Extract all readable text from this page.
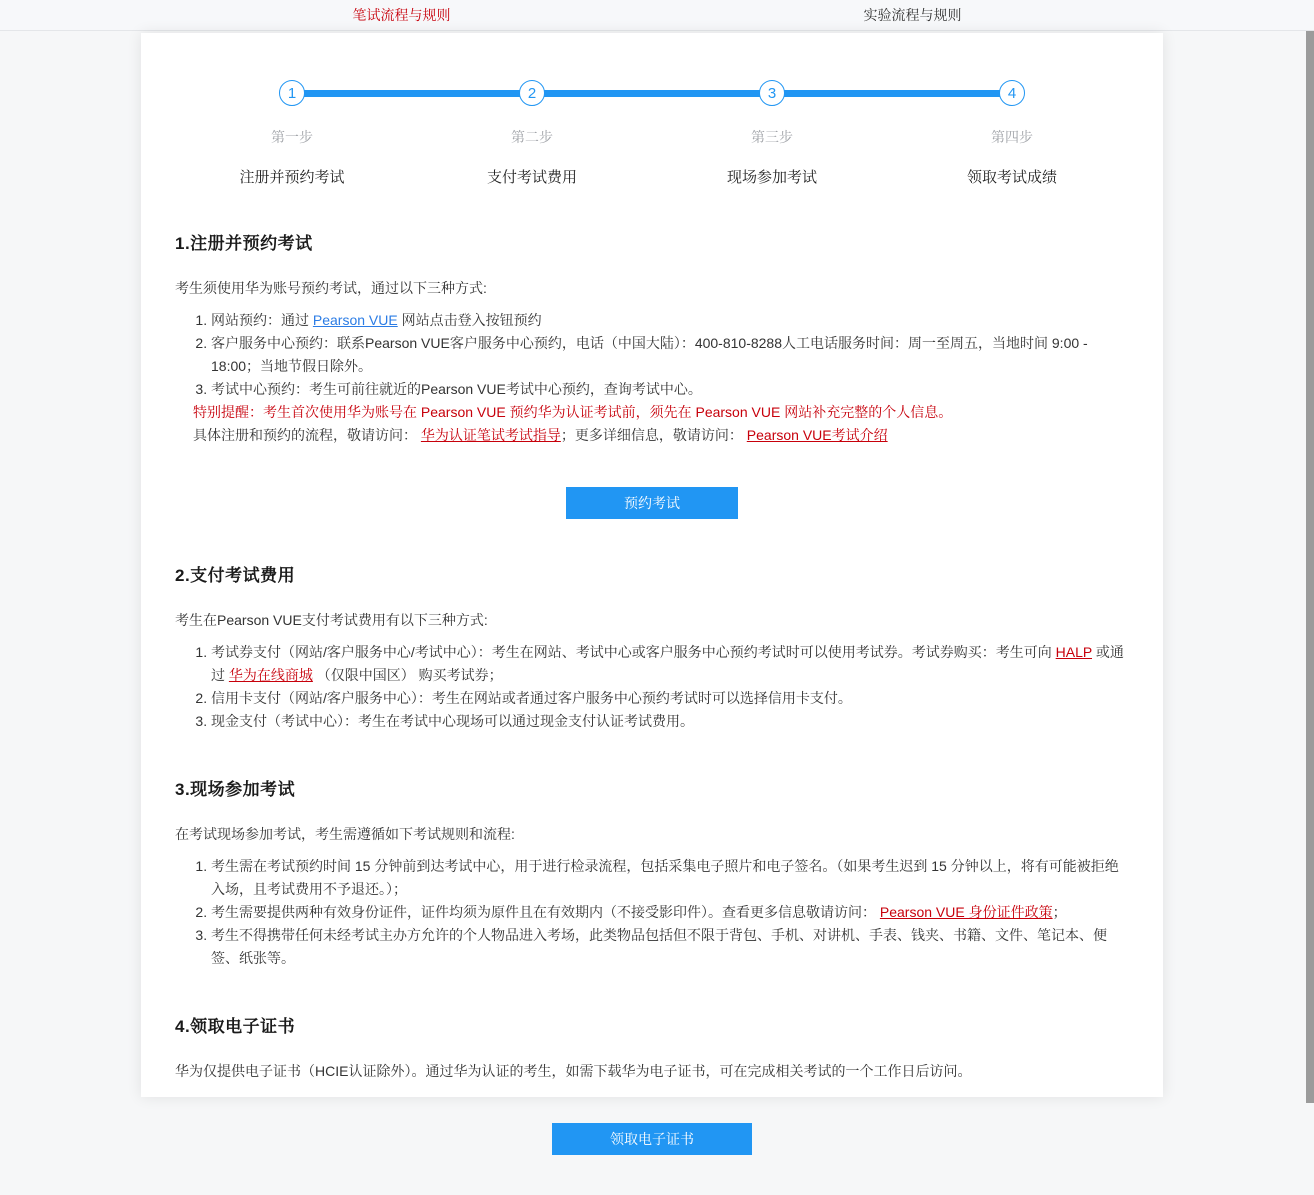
笔试流程与规则	实验流程与规则
1
第一步
注册并预约考试
2
第二步
支付考试费用
3
第三步
现场参加考试
4
第四步
领取考试成绩
1.注册并预约考试

考生须使用华为账号预约考试，通过以下三种方式:

1. 网站预约：通过 Pearson VUE 网站点击登入按钮预约
2. 客户服务中心预约：联系Pearson VUE客户服务中心预约，电话（中国大陆）：400-810-8288人工电话服务时间：周一至周五，当地时间 9:00 - 18:00；当地节假日除外。
3. 考试中心预约：考生可前往就近的Pearson VUE考试中心预约，查询考试中心。
特别提醒：考生首次使用华为账号在 Pearson VUE 预约华为认证考试前，须先在 Pearson VUE 网站补充完整的个人信息。
具体注册和预约的流程，敬请访问： 华为认证笔试考试指导；更多详细信息，敬请访问： Pearson VUE考试介绍
预约考试
2.支付考试费用

考生在Pearson VUE支付考试费用有以下三种方式:

1. 考试券支付（网站/客户服务中心/考试中心）：考生在网站、考试中心或客户服务中心预约考试时可以使用考试券。考试券购买：考生可向 HALP 或通过 华为在线商城 （仅限中国区） 购买考试券；
2. 信用卡支付（网站/客户服务中心）：考生在网站或者通过客户服务中心预约考试时可以选择信用卡支付。
3. 现金支付（考试中心）：考生在考试中心现场可以通过现金支付认证考试费用。
3.现场参加考试

在考试现场参加考试，考生需遵循如下考试规则和流程:

1. 考生需在考试预约时间 15 分钟前到达考试中心，用于进行检录流程，包括采集电子照片和电子签名。（如果考生迟到 15 分钟以上，将有可能被拒绝入场，且考试费用不予退还。）；
2. 考生需要提供两种有效身份证件，证件均须为原件且在有效期内（不接受影印件）。查看更多信息敬请访问： Pearson VUE 身份证件政策；
3. 考生不得携带任何未经考试主办方允许的个人物品进入考场，此类物品包括但不限于背包、手机、对讲机、手表、钱夹、书籍、文件、笔记本、便签、纸张等。
4.领取电子证书

华为仅提供电子证书（HCIE认证除外）。通过华为认证的考生，如需下载华为电子证书，可在完成相关考试的一个工作日后访问。

领取电子证书
